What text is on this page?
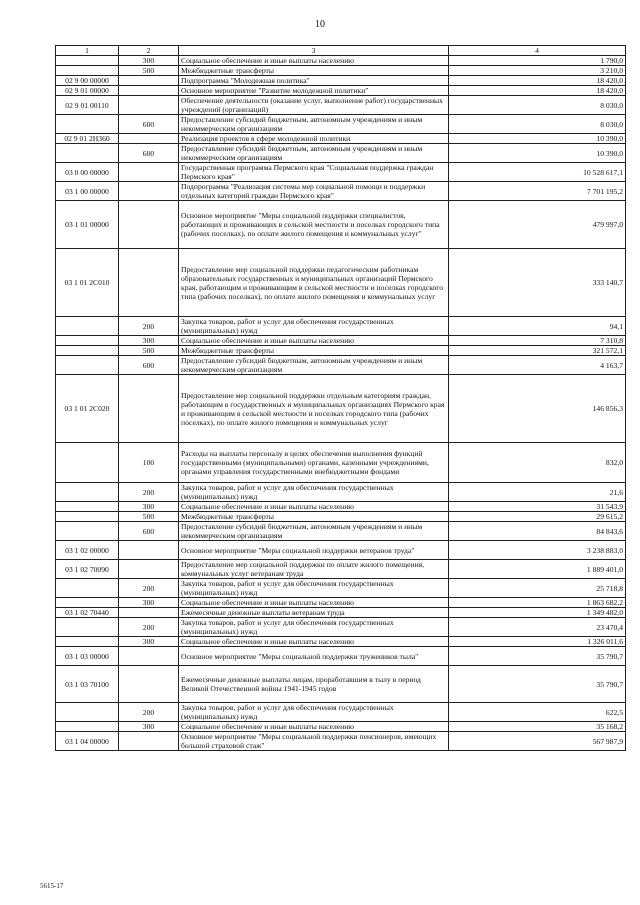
10
1	2	3	4
	300	Социальное обеспечение и иные выплаты населению	1 790,0
	500	Межбюджетные трансферты	3 210,0
02 9 00 00000		Подпрограмма "Молодежная политика"	18 420,0
02 9 01 00000		Основное мероприятие "Развитие молодежной политики"	18 420,0
02 9 01 00110		Обеспечение деятельности (оказание услуг, выполнение работ) государственных учреждений (организаций)	8 030,0
	600	Предоставление субсидий бюджетным, автономным учреждениям и иным некоммерческим организациям	8 030,0
02 9 01 2Н360		Реализация проектов в сфере молодежной политики	10 390,0
	600	Предоставление субсидий бюджетным, автономным учреждениям и иным некоммерческим организациям	10 390,0
03 0 00 00000		Государственная программа Пермского края "Социальная поддержка граждан Пермского края"	10 528 617,1
03 1 00 00000		Подпрограмма "Реализация системы мер социальной помощи и поддержки отдельных категорий граждан Пермского края"	7 701 195,2
03 1 01 00000		Основное мероприятие "Меры социальной поддержки специалистов, работающих и проживающих в сельской местности и поселках городского типа (рабочих поселках), по оплате жилого помещения и коммунальных услуг"	479 997,0
03 1 01 2С010		Предоставление мер социальной поддержки педагогическим работникам образовательных государственных и муниципальных организаций Пермского края, работающим и проживающим в сельской местности и поселках городского типа (рабочих поселках), по оплате жилого помещения и коммунальных услуг	333 140,7
	200	Закупка товаров, работ и услуг для обеспечения государственных (муниципальных) нужд	94,1
	300	Социальное обеспечение и иные выплаты населению	7 310,8
	500	Межбюджетные трансферты	321 572,1
	600	Предоставление субсидий бюджетным, автономным учреждениям и иным некоммерческим организациям	4 163,7
03 1 01 2С020		Предоставление мер социальной поддержки отдельным категориям граждан, работающим в государственных и муниципальных организациях Пермского края и проживающим в сельской местности и поселках городского типа (рабочих поселках), по оплате жилого помещения и коммунальных услуг	146 856,3
	100	Расходы на выплаты персоналу в целях обеспечения выполнения функций государственными (муниципальными) органами, казенными учреждениями, органами управления государственными внебюджетными фондами	832,0
	200	Закупка товаров, работ и услуг для обеспечения государственных (муниципальных) нужд	21,6
	300	Социальное обеспечение и иные выплаты населению	31 543,9
	500	Межбюджетные трансферты	29 615,2
	600	Предоставление субсидий бюджетным, автономным учреждениям и иным некоммерческим организациям	84 843,6
03 1 02 00000		Основное мероприятие "Меры социальной поддержки ветеранов труда"	3 238 883,0
03 1 02 70090		Предоставление мер социальной поддержки по оплате жилого помещения, коммунальных услуг ветеранам труда	1 889 401,0
	200	Закупка товаров, работ и услуг для обеспечения государственных (муниципальных) нужд	25 718,8
	300	Социальное обеспечение и иные выплаты населению	1 863 682,2
03 1 02 70440		Ежемесячные денежные выплаты ветеранам труда	1 349 482,0
	200	Закупка товаров, работ и услуг для обеспечения государственных (муниципальных) нужд	23 470,4
	300	Социальное обеспечение и иные выплаты населению	1 326 011,6
03 1 03 00000		Основное мероприятие "Меры социальной поддержки тружеников тыла"	35 790,7
03 1 03 70100		Ежемесячные денежные выплаты лицам, проработавшим в тылу в период Великой Отечественной войны 1941-1945 годов	35 790,7
	200	Закупка товаров, работ и услуг для обеспечения государственных (муниципальных) нужд	622,5
	300	Социальное обеспечение и иные выплаты населению	35 168,2
03 1 04 00000		Основное мероприятие "Меры социальной поддержки пенсионеров, имеющих большой страховой стаж"	567 987,9
5615-17
